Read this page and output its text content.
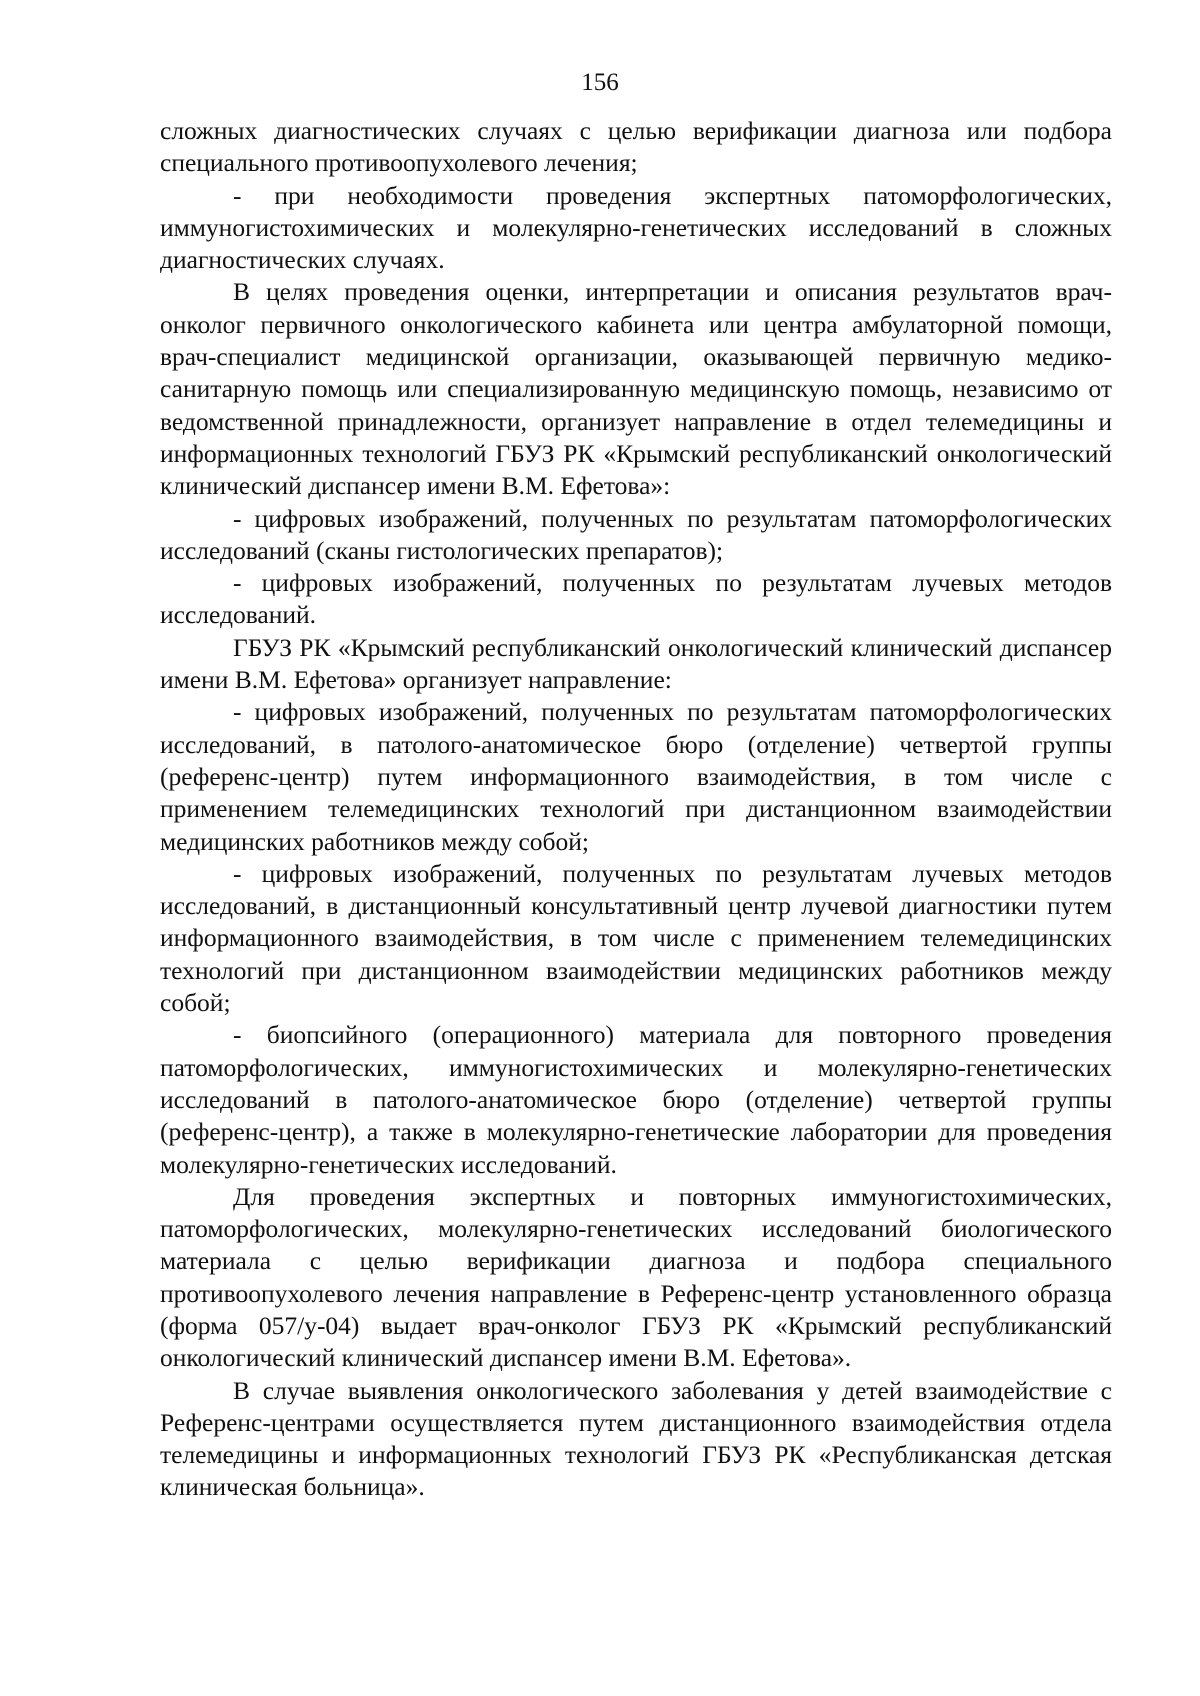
156

сложных диагностических случаях с целью верификации диагноза или подбора специального противоопухолевого лечения;

- при необходимости проведения экспертных патоморфологических, иммуногистохимических и молекулярно-генетических исследований в сложных диагностических случаях.

В целях проведения оценки, интерпретации и описания результатов врач-онколог первичного онкологического кабинета или центра амбулаторной помощи, врач-специалист медицинской организации, оказывающей первичную медико-санитарную помощь или специализированную медицинскую помощь, независимо от ведомственной принадлежности, организует направление в отдел телемедицины и информационных технологий ГБУЗ РК «Крымский республиканский онкологический клинический диспансер имени В.М. Ефетова»:

- цифровых изображений, полученных по результатам патоморфологических исследований (сканы гистологических препаратов);

- цифровых изображений, полученных по результатам лучевых методов исследований.

ГБУЗ РК «Крымский республиканский онкологический клинический диспансер имени В.М. Ефетова» организует направление:

- цифровых изображений, полученных по результатам патоморфологических исследований, в патолого-анатомическое бюро (отделение) четвертой группы (референс-центр) путем информационного взаимодействия, в том числе с применением телемедицинских технологий при дистанционном взаимодействии медицинских работников между собой;

- цифровых изображений, полученных по результатам лучевых методов исследований, в дистанционный консультативный центр лучевой диагностики путем информационного взаимодействия, в том числе с применением телемедицинских технологий при дистанционном взаимодействии медицинских работников между собой;

- биопсийного (операционного) материала для повторного проведения патоморфологических, иммуногистохимических и молекулярно-генетических исследований в патолого-анатомическое бюро (отделение) четвертой группы (референс-центр), а также в молекулярно-генетические лаборатории для проведения молекулярно-генетических исследований.

Для проведения экспертных и повторных иммуногистохимических, патоморфологических, молекулярно-генетических исследований биологического материала с целью верификации диагноза и подбора специального противоопухолевого лечения направление в Референс-центр установленного образца (форма 057/у-04) выдает врач-онколог ГБУЗ РК «Крымский республиканский онкологический клинический диспансер имени В.М. Ефетова».

В случае выявления онкологического заболевания у детей взаимодействие с Референс-центрами осуществляется путем дистанционного взаимодействия отдела телемедицины и информационных технологий ГБУЗ РК «Республиканская детская клиническая больница».
